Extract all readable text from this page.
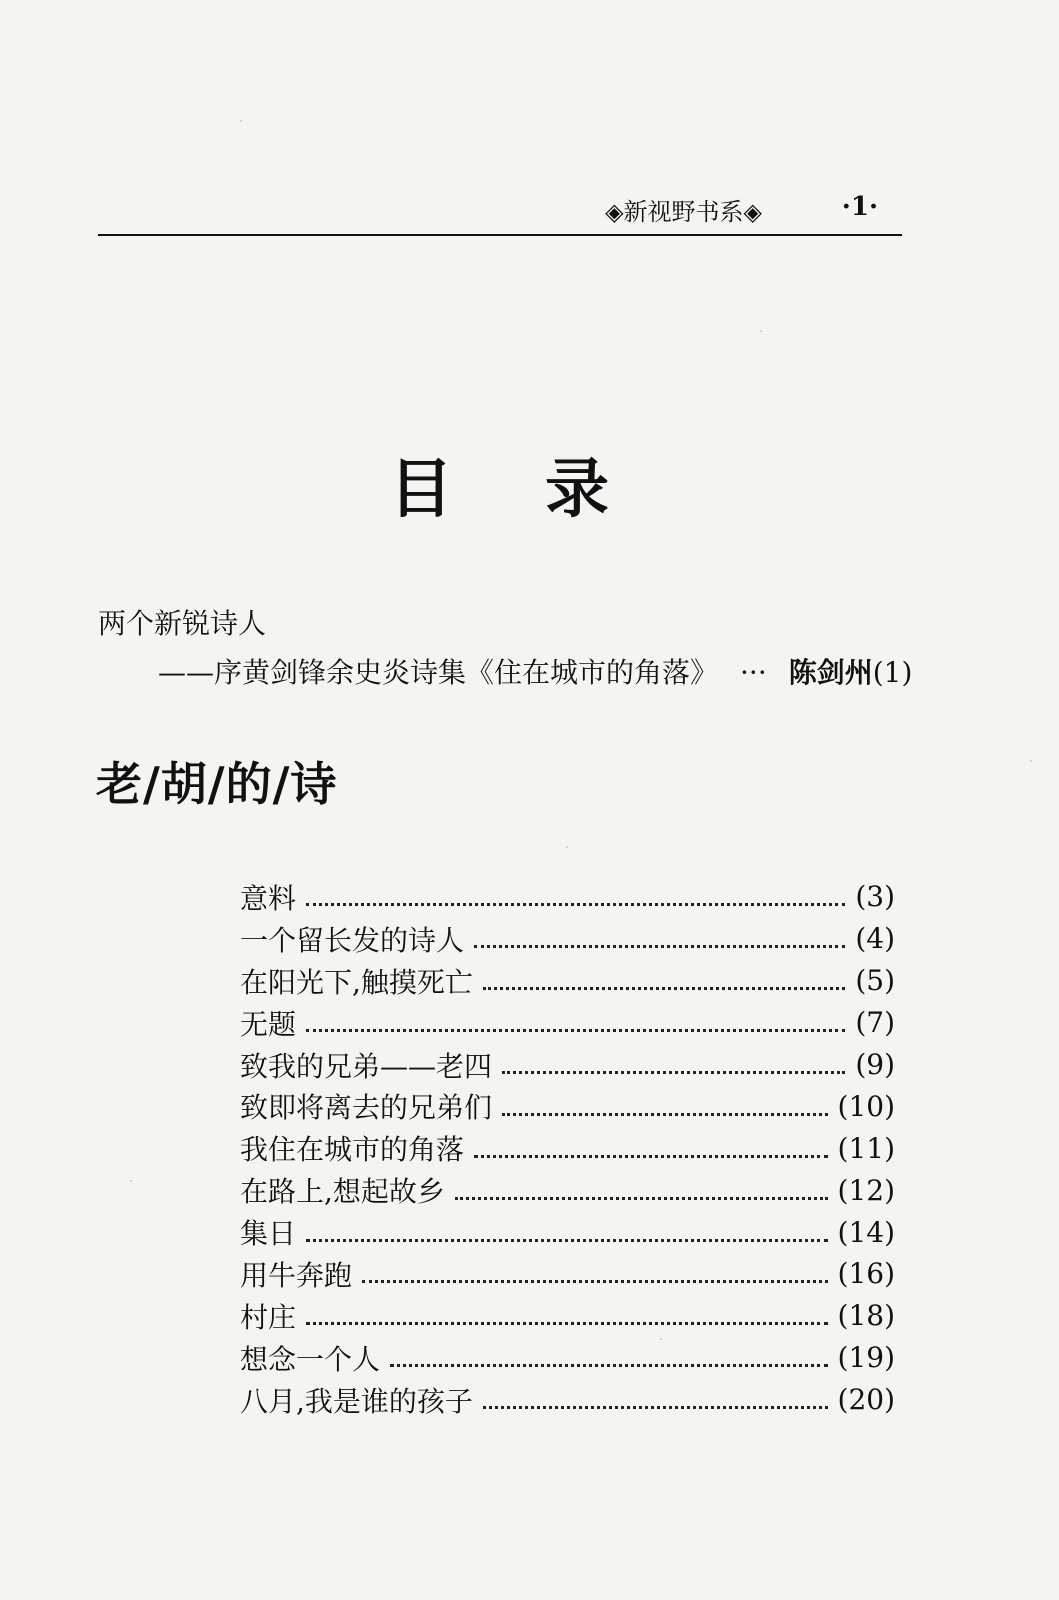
◈新视野书系◈	·1·
目 录
两个新锐诗人
——序黄剑锋余史炎诗集《住在城市的角落》 ··· 陈剑州 (1)
老/胡/的/诗
意料	(3)
一个留长发的诗人	(4)
在阳光下,触摸死亡	(5)
无题	(7)
致我的兄弟——老四	(9)
致即将离去的兄弟们	(10)
我住在城市的角落	(11)
在路上,想起故乡	(12)
集日	(14)
用牛奔跑	(16)
村庄	(18)
想念一个人	(19)
八月,我是谁的孩子	(20)
